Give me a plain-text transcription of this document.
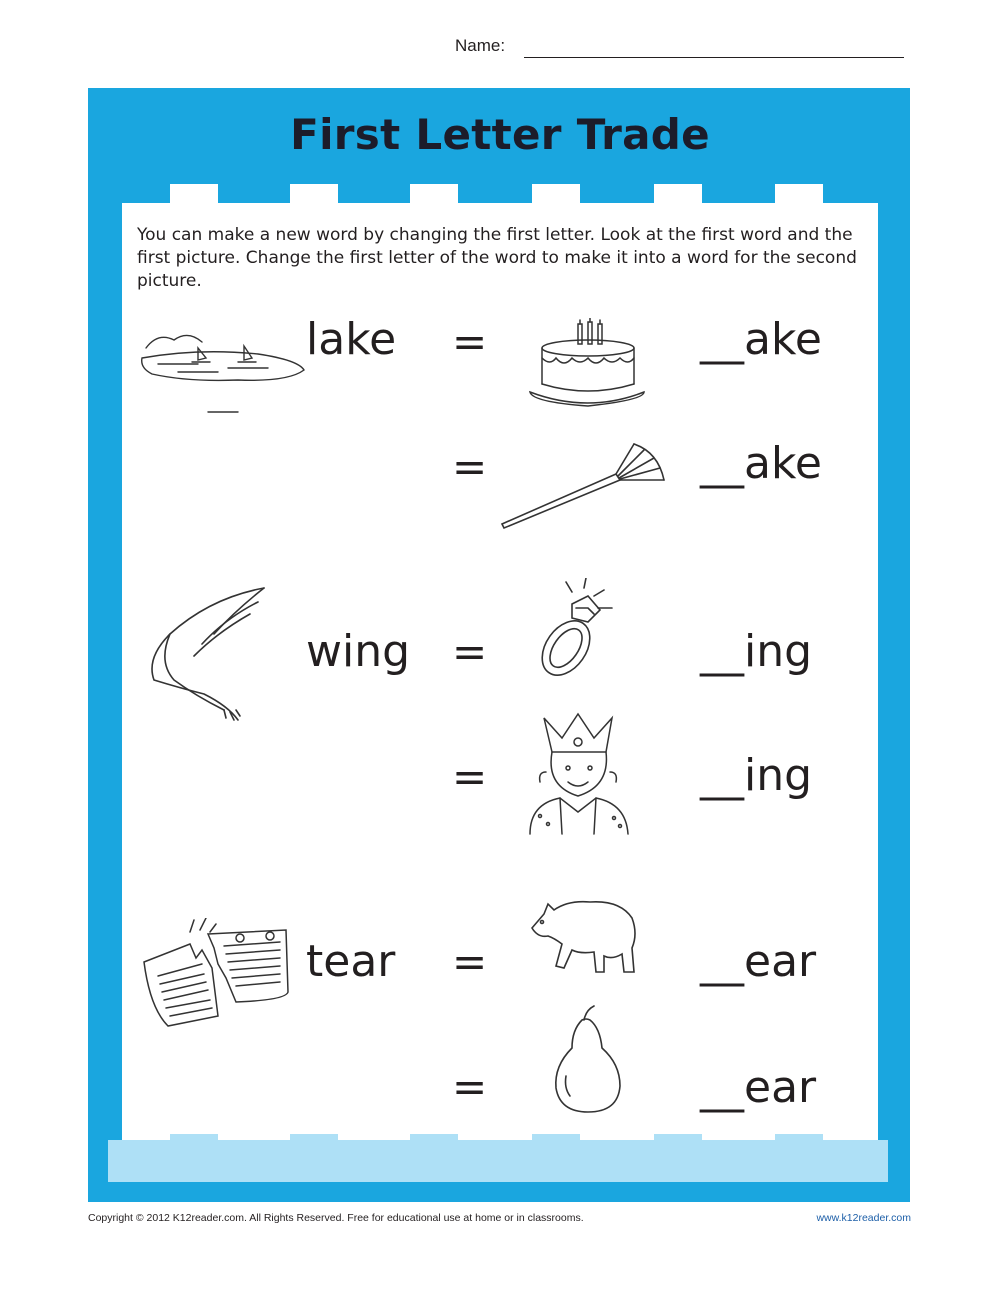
Name:
First Letter Trade
You can make a new word by changing the first letter. Look at the first word and the first picture. Change the first letter of the word to make it into a word for the second picture.
lake =	__ake
=	__ake
wing =	__ing
=	__ing
tear =	__ear
=	__ear
Copyright © 2012 K12reader.com. All Rights Reserved. Free for educational use at home or in classrooms.	www.k12reader.com
